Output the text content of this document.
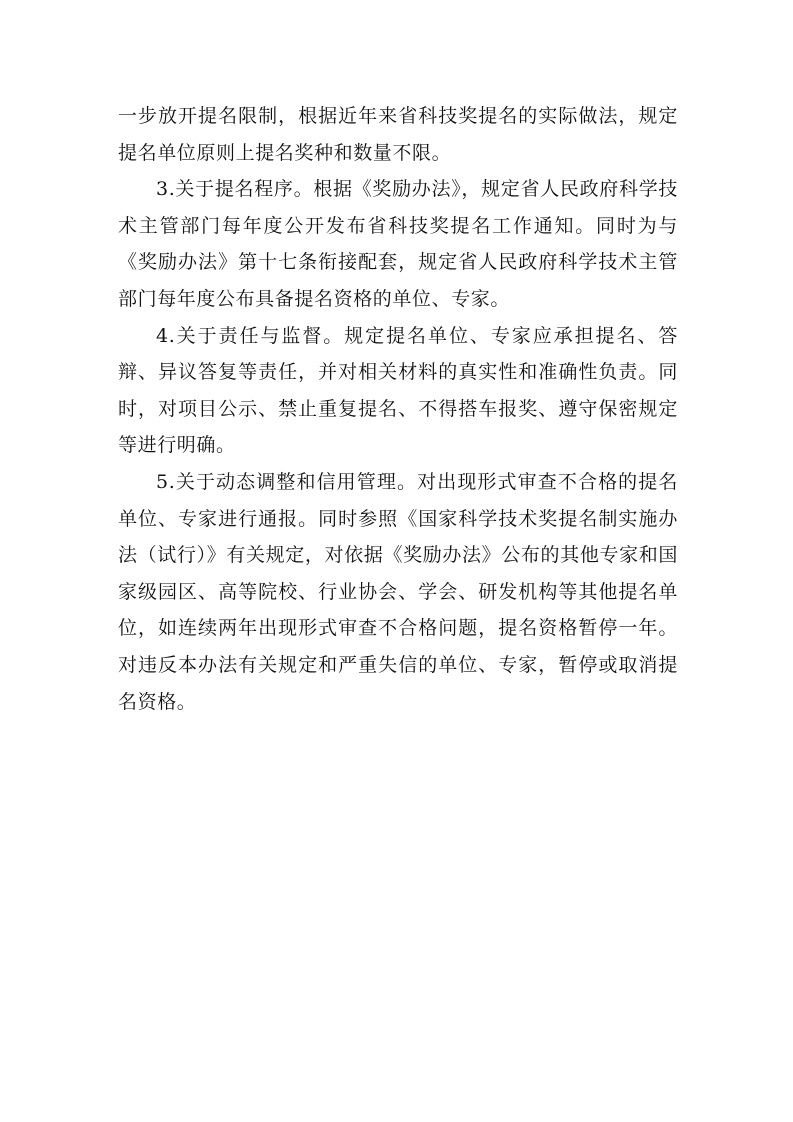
一步放开提名限制，根据近年来省科技奖提名的实际做法，规定提名单位原则上提名奖种和数量不限。

3.关于提名程序。根据《奖励办法》，规定省人民政府科学技术主管部门每年度公开发布省科技奖提名工作通知。同时为与《奖励办法》第十七条衔接配套，规定省人民政府科学技术主管部门每年度公布具备提名资格的单位、专家。

4.关于责任与监督。规定提名单位、专家应承担提名、答辩、异议答复等责任，并对相关材料的真实性和准确性负责。同时，对项目公示、禁止重复提名、不得搭车报奖、遵守保密规定等进行明确。

5.关于动态调整和信用管理。对出现形式审查不合格的提名单位、专家进行通报。同时参照《国家科学技术奖提名制实施办法（试行）》有关规定，对依据《奖励办法》公布的其他专家和国家级园区、高等院校、行业协会、学会、研发机构等其他提名单位，如连续两年出现形式审查不合格问题，提名资格暂停一年。对违反本办法有关规定和严重失信的单位、专家，暂停或取消提名资格。
